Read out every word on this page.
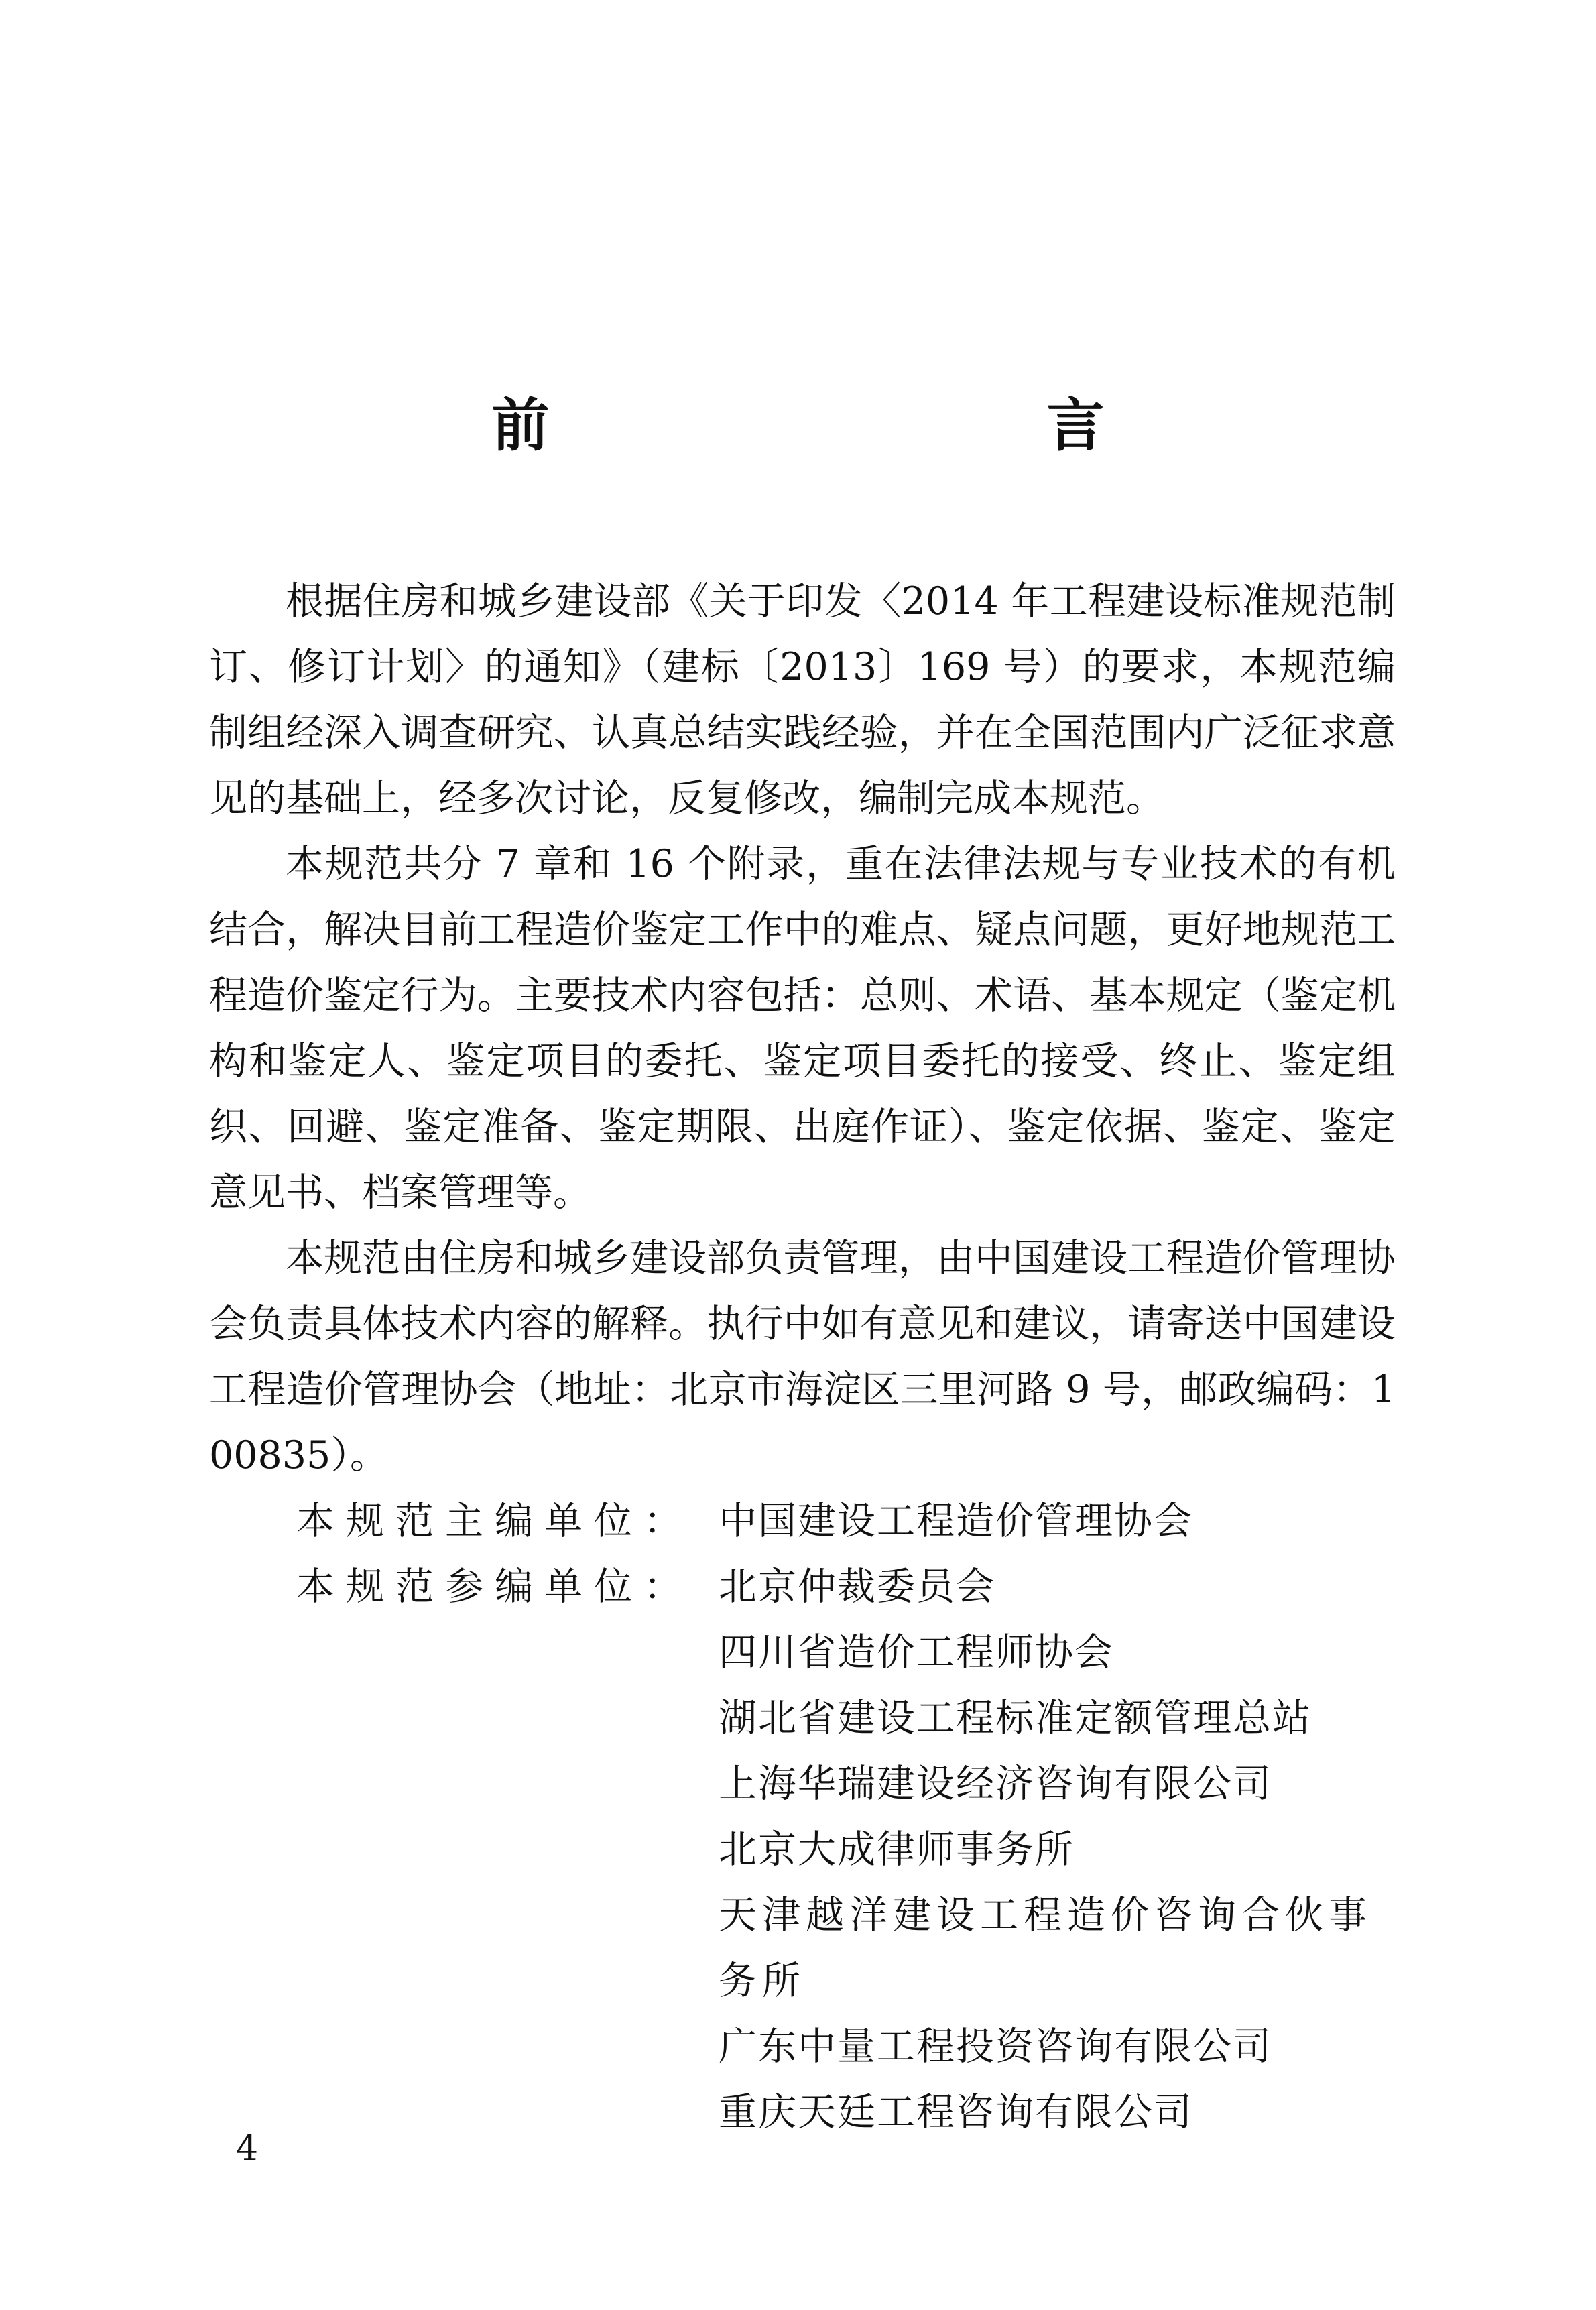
前　　言

根据住房和城乡建设部《关于印发〈2014 年工程建设标准规范制订、修订计划〉的通知》（建标〔2013〕169 号）的要求，本规范编制组经深入调查研究、认真总结实践经验，并在全国范围内广泛征求意见的基础上，经多次讨论，反复修改，编制完成本规范。

本规范共分 7 章和 16 个附录，重在法律法规与专业技术的有机结合，解决目前工程造价鉴定工作中的难点、疑点问题，更好地规范工程造价鉴定行为。主要技术内容包括：总则、术语、基本规定（鉴定机构和鉴定人、鉴定项目的委托、鉴定项目委托的接受、终止、鉴定组织、回避、鉴定准备、鉴定期限、出庭作证）、鉴定依据、鉴定、鉴定意见书、档案管理等。

本规范由住房和城乡建设部负责管理，由中国建设工程造价管理协会负责具体技术内容的解释。执行中如有意见和建议，请寄送中国建设工程造价管理协会（地址：北京市海淀区三里河路 9 号，邮政编码：100835）。

本规范主编单位： 中国建设工程造价管理协会
本规范参编单位： 北京仲裁委员会
四川省造价工程师协会
湖北省建设工程标准定额管理总站
上海华瑞建设经济咨询有限公司
北京大成律师事务所
天津越洋建设工程造价咨询合伙事务所
广东中量工程投资咨询有限公司
重庆天廷工程咨询有限公司
4
